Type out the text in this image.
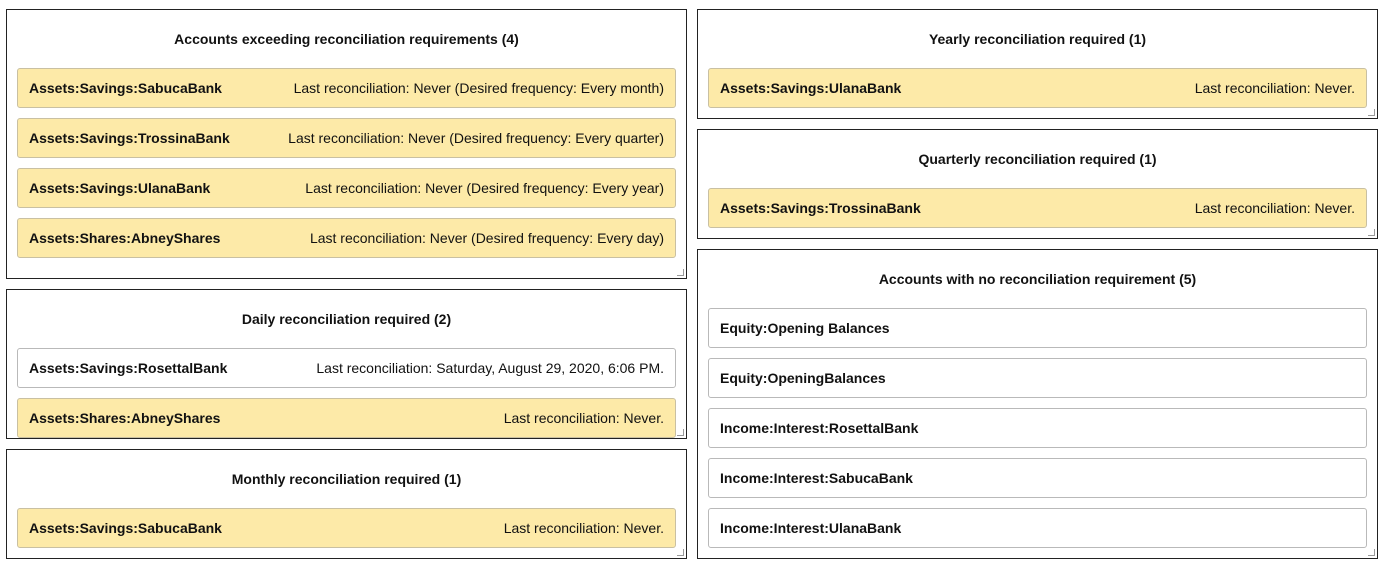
Accounts exceeding reconciliation requirements (4)
Assets:Savings:SabucaBank	Last reconciliation: Never (Desired frequency: Every month)
Assets:Savings:TrossinaBank	Last reconciliation: Never (Desired frequency: Every quarter)
Assets:Savings:UlanaBank	Last reconciliation: Never (Desired frequency: Every year)
Assets:Shares:AbneyShares	Last reconciliation: Never (Desired frequency: Every day)
Daily reconciliation required (2)
Assets:Savings:RosettalBank	Last reconciliation: Saturday, August 29, 2020, 6:06 PM.
Assets:Shares:AbneyShares	Last reconciliation: Never.
Monthly reconciliation required (1)
Assets:Savings:SabucaBank	Last reconciliation: Never.
Yearly reconciliation required (1)
Assets:Savings:UlanaBank	Last reconciliation: Never.
Quarterly reconciliation required (1)
Assets:Savings:TrossinaBank	Last reconciliation: Never.
Accounts with no reconciliation requirement (5)
Equity:Opening Balances
Equity:OpeningBalances
Income:Interest:RosettalBank
Income:Interest:SabucaBank
Income:Interest:UlanaBank
